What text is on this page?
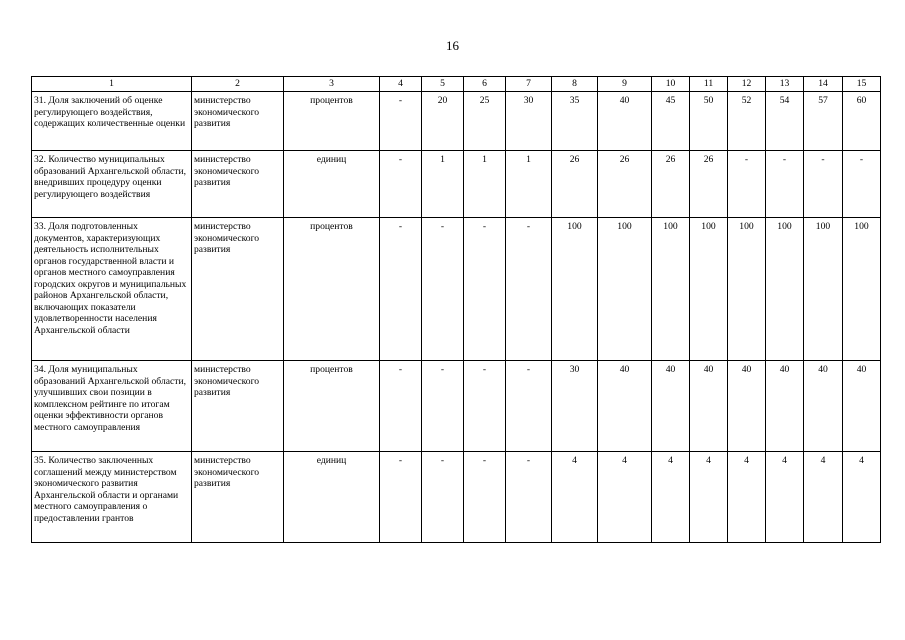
16
1	2	3	4	5	6	7	8	9	10	11	12	13	14	15
31. Доля заключений об оценке регулирующего воздействия, содержащих количественные оценки	министерство экономического развития	процентов	-	20	25	30	35	40	45	50	52	54	57	60
32. Количество муниципальных образований Архангельской области, внедривших процедуру оценки регулирующего воздействия	министерство экономического развития	единиц	-	1	1	1	26	26	26	26	-	-	-	-
33. Доля подготовленных документов, характеризующих деятельность исполнительных органов государственной власти и органов местного самоуправления городских округов и муниципальных районов Архангельской области, включающих показатели удовлетворенности населения Архангельской области	министерство экономического развития	процентов	-	-	-	-	100	100	100	100	100	100	100	100
34. Доля муниципальных образований Архангельской области, улучшивших свои позиции в комплексном рейтинге по итогам оценки эффективности органов местного самоуправления	министерство экономического развития	процентов	-	-	-	-	30	40	40	40	40	40	40	40
35. Количество заключенных соглашений между министерством экономического развития Архангельской области и органами местного самоуправления о предоставлении грантов	министерство экономического развития	единиц	-	-	-	-	4	4	4	4	4	4	4	4
